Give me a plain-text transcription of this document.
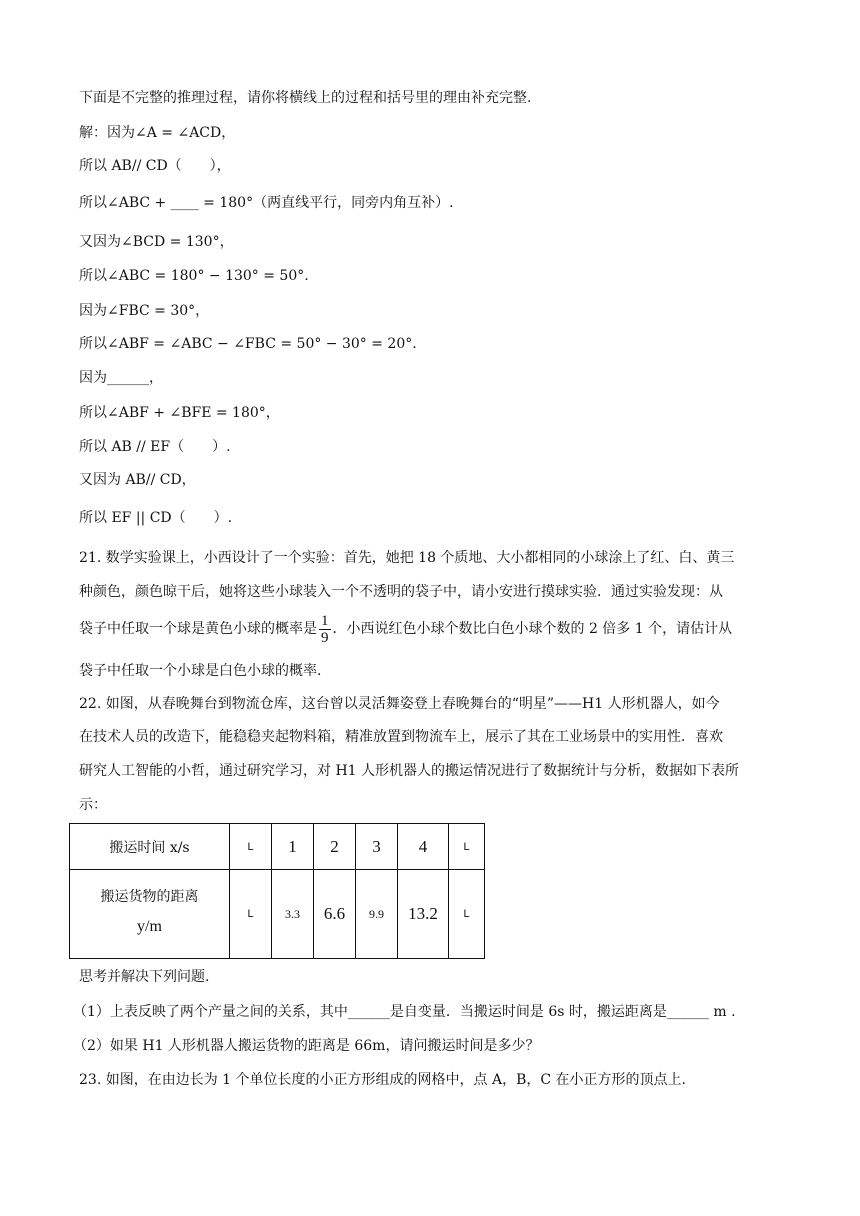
下面是不完整的推理过程，请你将横线上的过程和括号里的理由补充完整.
解：因为∠A = ∠ACD，
所以 AB// CD（　　），
所以∠ABC + ____ = 180°（两直线平行，同旁内角互补）.
又因为∠BCD = 130°，
所以∠ABC = 180° − 130° = 50°.
因为∠FBC = 30°，
所以∠ABF = ∠ABC − ∠FBC = 50° − 30° = 20°.
因为______，
所以∠ABF + ∠BFE = 180°，
所以 AB // EF（　　）.
又因为 AB// CD，
所以 EF || CD（　　）.
21. 数学实验课上，小西设计了一个实验：首先，她把 18 个质地、大小都相同的小球涂上了红、白、黄三
种颜色，颜色晾干后，她将这些小球装入一个不透明的袋子中，请小安进行摸球实验．通过实验发现：从
袋子中任取一个球是黄色小球的概率是 $\frac{1}{9}$ ．小西说红色小球个数比白色小球个数的 2 倍多 1 个，请估计从
袋子中任取一个小球是白色小球的概率.
22. 如图，从春晚舞台到物流仓库，这台曾以灵活舞姿登上春晚舞台的“明星”——H1 人形机器人，如今
在技术人员的改造下，能稳稳夹起物料箱，精准放置到物流车上，展示了其在工业场景中的实用性．喜欢
研究人工智能的小哲，通过研究学习，对 H1 人形机器人的搬运情况进行了数据统计与分析，数据如下表所
示：
搬运时间 x/s	L	1	2	3	4	L

搬运货物的距离
y/m	L	3.3	6.6	9.9	13.2	L
思考并解决下列问题.
（1）上表反映了两个产量之间的关系，其中______是自变量．当搬运时间是 6s 时，搬运距离是______ m .
（2）如果 H1 人形机器人搬运货物的距离是 66m，请问搬运时间是多少？
23. 如图，在由边长为 1 个单位长度的小正方形组成的网格中，点 A，B，C 在小正方形的顶点上.
